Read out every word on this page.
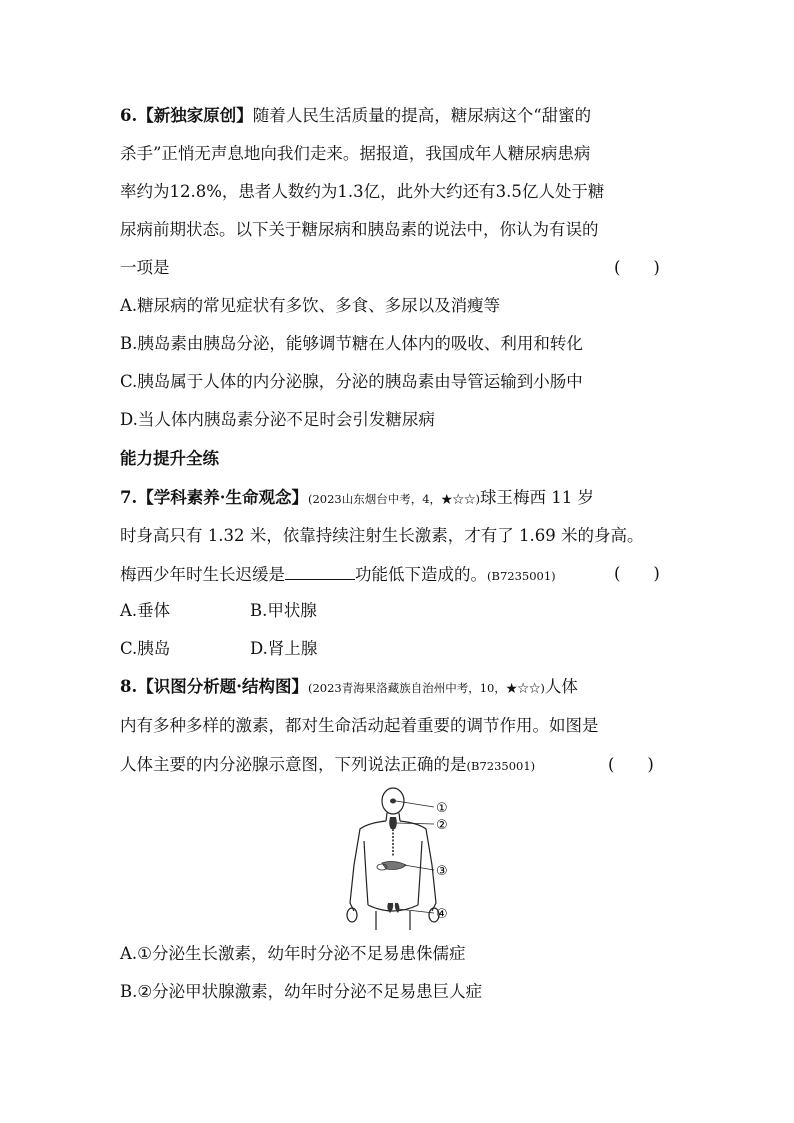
6.【新独家原创】随着人民生活质量的提高，糖尿病这个“甜蜜的
杀手”正悄无声息地向我们走来。据报道，我国成年人糖尿病患病
率约为12.8%，患者人数约为1.3亿，此外大约还有3.5亿人处于糖
尿病前期状态。以下关于糖尿病和胰岛素的说法中，你认为有误的
一项是	(　　)
A.糖尿病的常见症状有多饮、多食、多尿以及消瘦等
B.胰岛素由胰岛分泌，能够调节糖在人体内的吸收、利用和转化
C.胰岛属于人体的内分泌腺，分泌的胰岛素由导管运输到小肠中
D.当人体内胰岛素分泌不足时会引发糖尿病
能力提升全练
7.【学科素养·生命观念】(2023山东烟台中考，4，★☆☆)球王梅西 11 岁
时身高只有 1.32 米，依靠持续注射生长激素，才有了 1.69 米的身高。
梅西少年时生长迟缓是	功能低下造成的。(B7235001)	(　　)
A.垂体	B.甲状腺
C.胰岛	D.肾上腺
8.【识图分析题·结构图】(2023青海果洛藏族自治州中考，10，★☆☆)人体
内有多种多样的激素，都对生命活动起着重要的调节作用。如图是
人体主要的内分泌腺示意图，下列说法正确的是(B7235001)	(　　)
①
②
③
④
A.①分泌生长激素，幼年时分泌不足易患侏儒症
B.②分泌甲状腺激素，幼年时分泌不足易患巨人症
